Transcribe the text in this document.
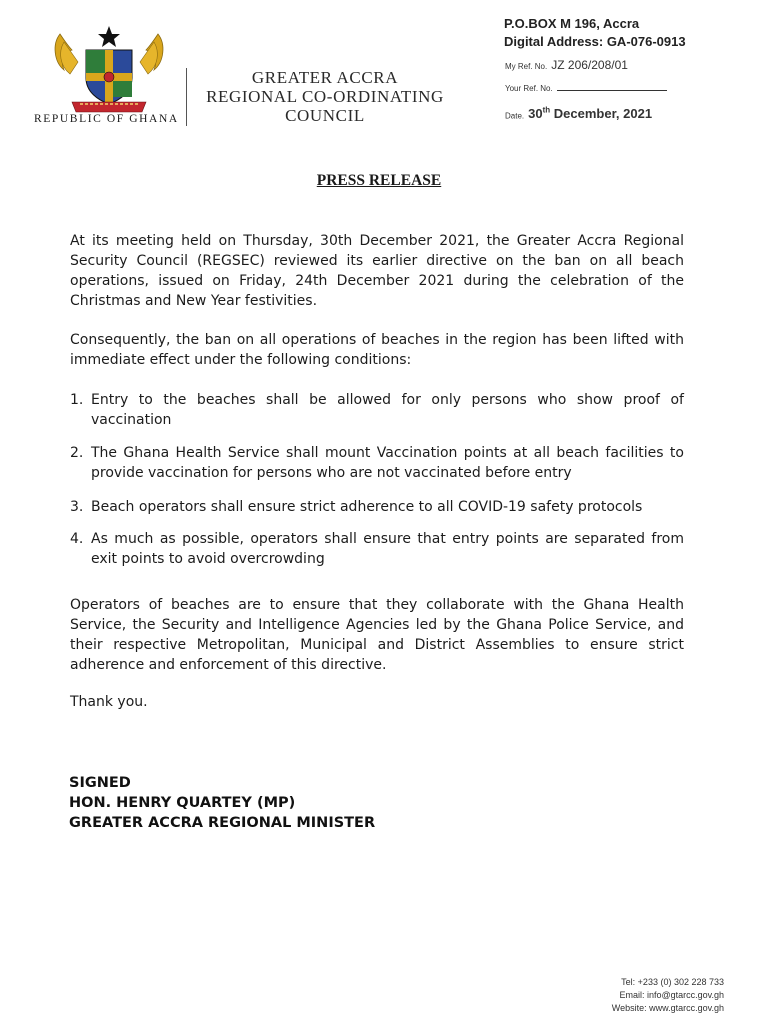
REPUBLIC OF GHANA
GREATER ACCRA
REGIONAL CO-ORDINATING
COUNCIL
P.O.BOX M 196, Accra
Digital Address: GA-076-0913
My Ref. No. JZ 206/208/01
Your Ref. No.
Date. 30th December, 2021
PRESS RELEASE
At its meeting held on Thursday, 30th December 2021, the Greater Accra Regional Security Council (REGSEC) reviewed its earlier directive on the ban on all beach operations, issued on Friday, 24th December 2021 during the celebration of the Christmas and New Year festivities.
Consequently, the ban on all operations of beaches in the region has been lifted with immediate effect under the following conditions:
1. Entry to the beaches shall be allowed for only persons who show proof of vaccination
2. The Ghana Health Service shall mount Vaccination points at all beach facilities to provide vaccination for persons who are not vaccinated before entry
3. Beach operators shall ensure strict adherence to all COVID-19 safety protocols
4. As much as possible, operators shall ensure that entry points are separated from exit points to avoid overcrowding
Operators of beaches are to ensure that they collaborate with the Ghana Health Service, the Security and Intelligence Agencies led by the Ghana Police Service, and their respective Metropolitan, Municipal and District Assemblies to ensure strict adherence and enforcement of this directive.
Thank you.
SIGNED
HON. HENRY QUARTEY (MP)
GREATER ACCRA REGIONAL MINISTER
Tel: +233 (0) 302 228 733
Email: info@gtarcc.gov.gh
Website: www.gtarcc.gov.gh
